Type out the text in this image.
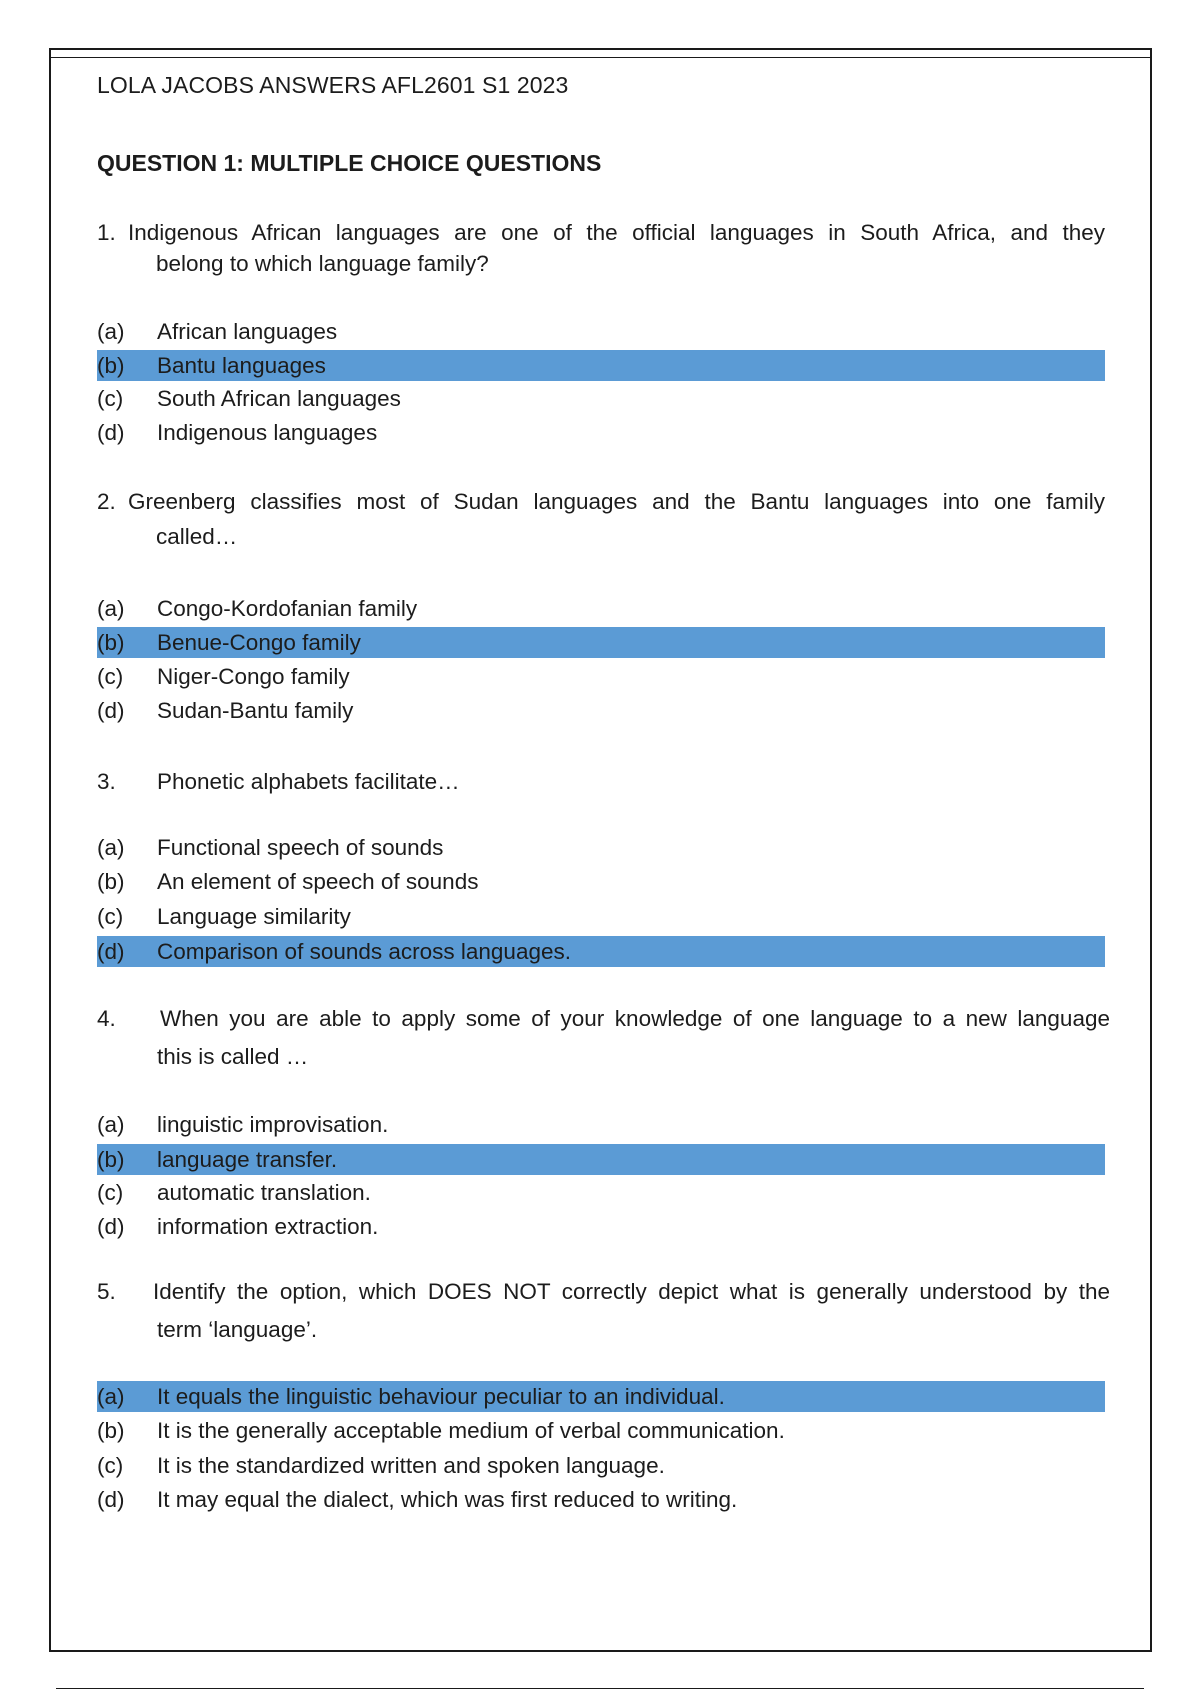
LOLA JACOBS ANSWERS AFL2601 S1 2023
QUESTION 1: MULTIPLE CHOICE QUESTIONS
1. Indigenous African languages are one of the official languages in South Africa, and they
belong to which language family?
(a) African languages
(b) Bantu languages
(c) South African languages
(d) Indigenous languages
2. Greenberg classifies most of Sudan languages and the Bantu languages into one family
called…
(a) Congo-Kordofanian family
(b) Benue-Congo family
(c) Niger-Congo family
(d) Sudan-Bantu family
3. Phonetic alphabets facilitate…
(a) Functional speech of sounds
(b) An element of speech of sounds
(c) Language similarity
(d) Comparison of sounds across languages.
4. When you are able to apply some of your knowledge of one language to a new language
this is called …
(a) linguistic improvisation.
(b) language transfer.
(c) automatic translation.
(d) information extraction.
5. Identify the option, which DOES NOT correctly depict what is generally understood by the
term ‘language’.
(a) It equals the linguistic behaviour peculiar to an individual.
(b) It is the generally acceptable medium of verbal communication.
(c) It is the standardized written and spoken language.
(d) It may equal the dialect, which was first reduced to writing.
